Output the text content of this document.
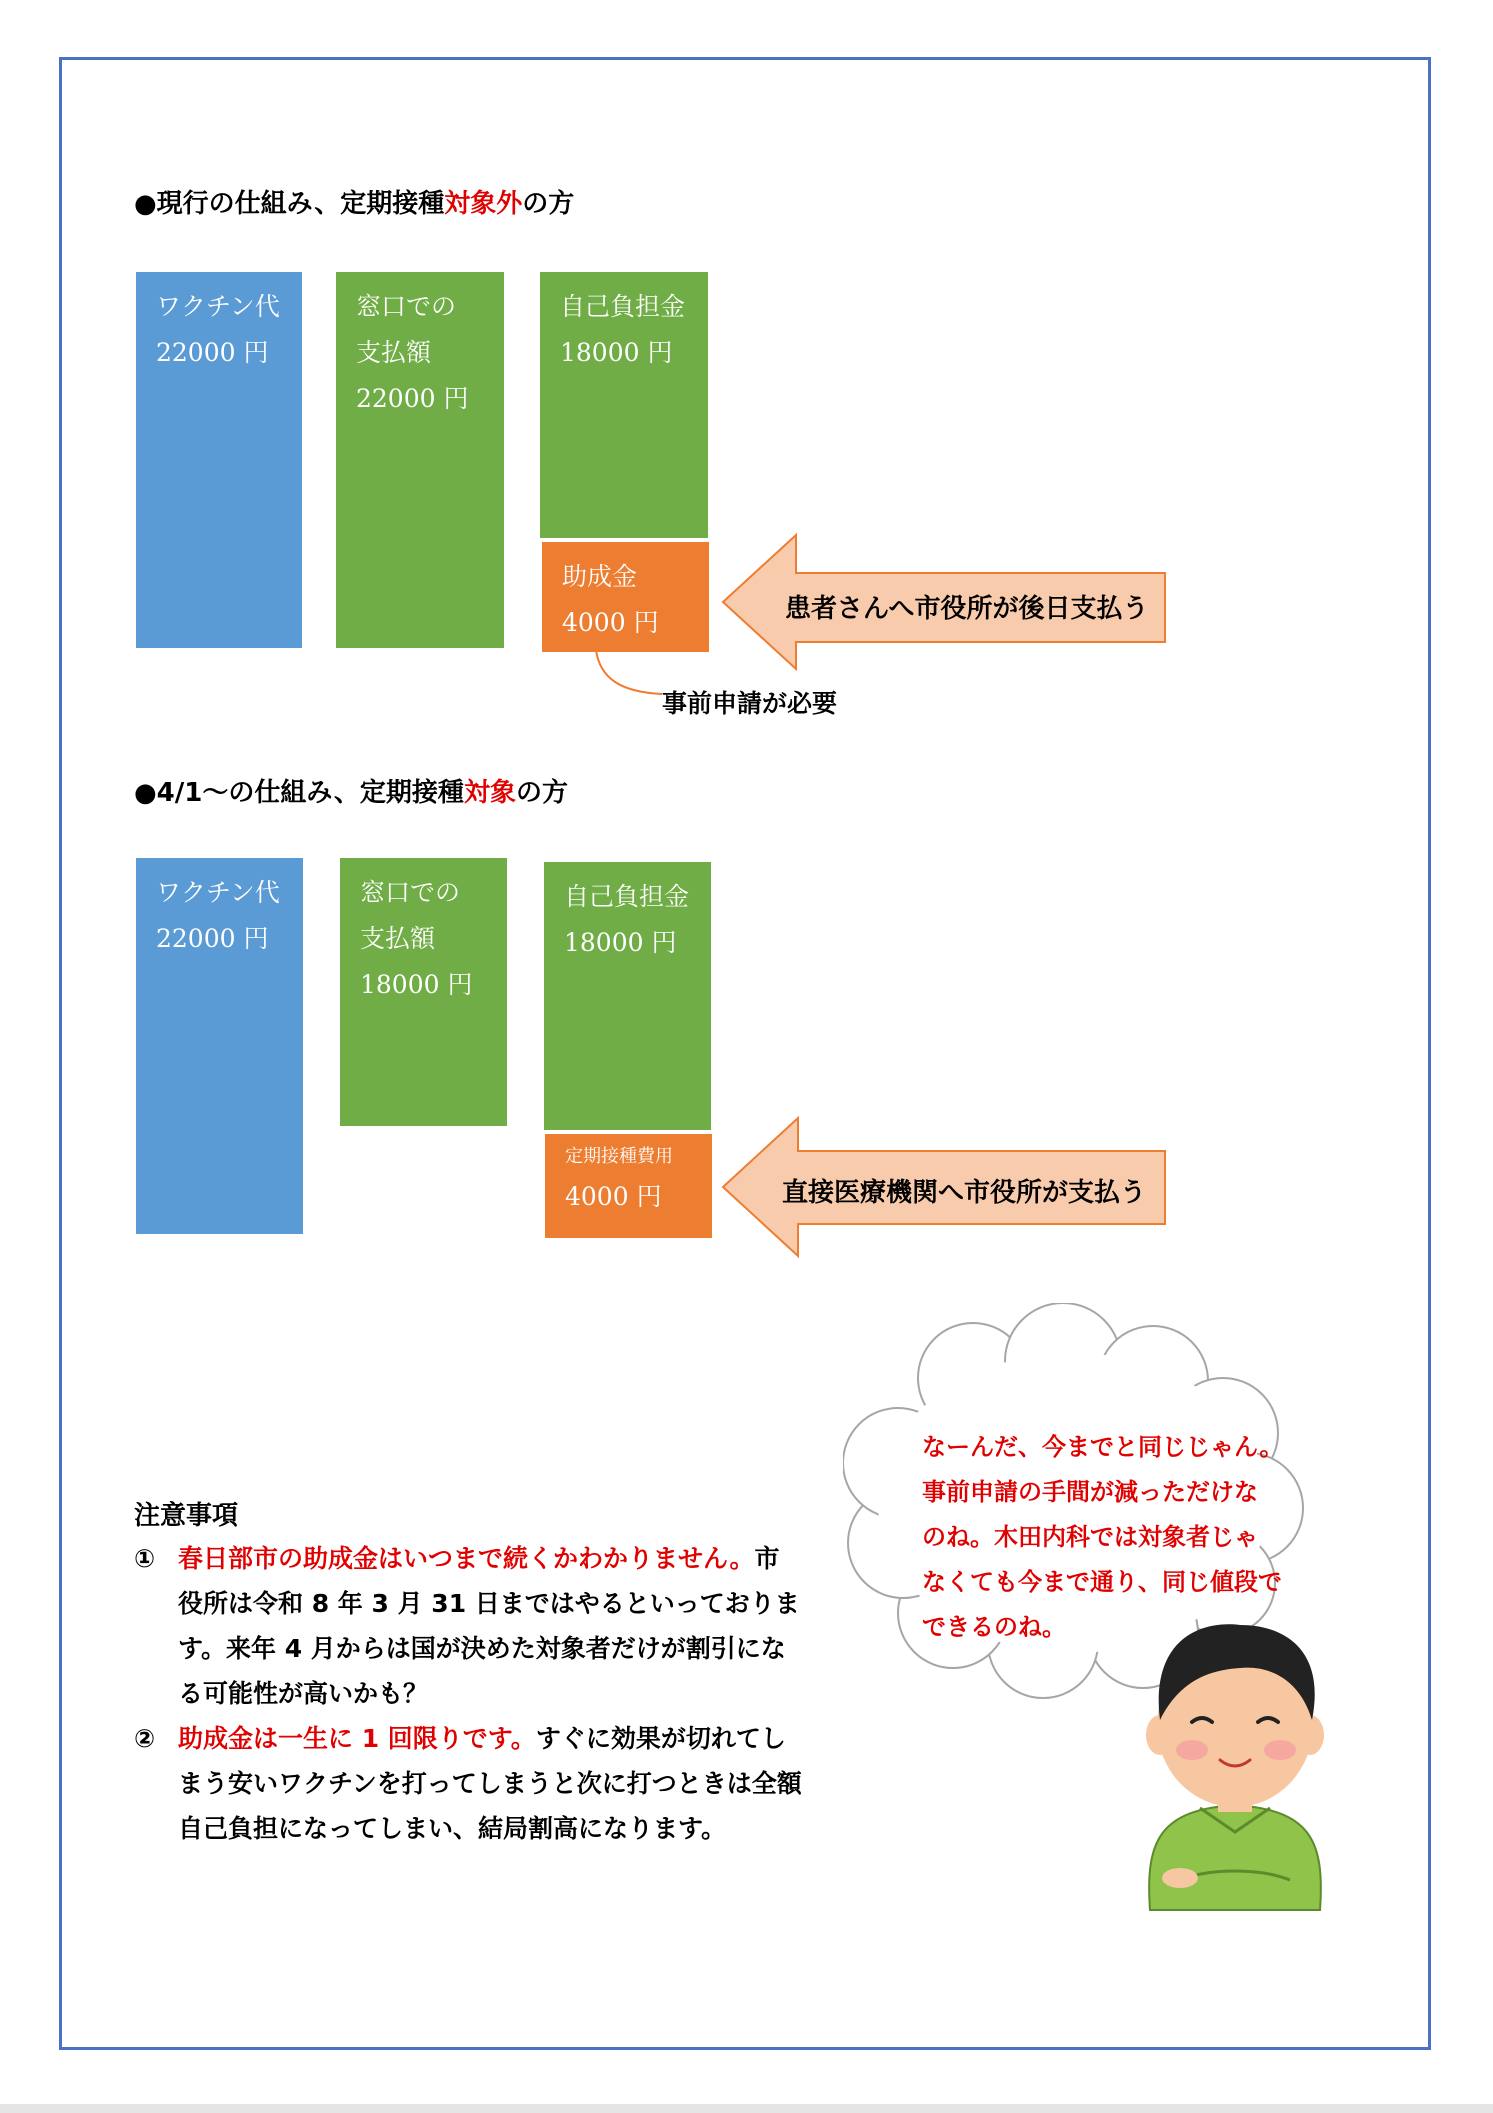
●現行の仕組み、定期接種対象外の方
ワクチン代
22000 円
窓口での
支払額
22000 円
自己負担金
18000 円
助成金
4000 円	患者さんへ市役所が後日支払う
事前申請が必要
●4/1～の仕組み、定期接種対象の方
ワクチン代
22000 円
窓口での
支払額
18000 円
自己負担金
18000 円
定期接種費用
4000 円	直接医療機関へ市役所が支払う
注意事項
① 春日部市の助成金はいつまで続くかわかりません。市役所は令和 8 年 3 月 31 日まではやるといっております。来年 4 月からは国が決めた対象者だけが割引になる可能性が高いかも？
② 助成金は一生に 1 回限りです。すぐに効果が切れてしまう安いワクチンを打ってしまうと次に打つときは全額自己負担になってしまい、結局割高になります。
なーんだ、今までと同じじゃん。
事前申請の手間が減っただけな
のね。木田内科では対象者じゃ
なくても今まで通り、同じ値段で
できるのね。
